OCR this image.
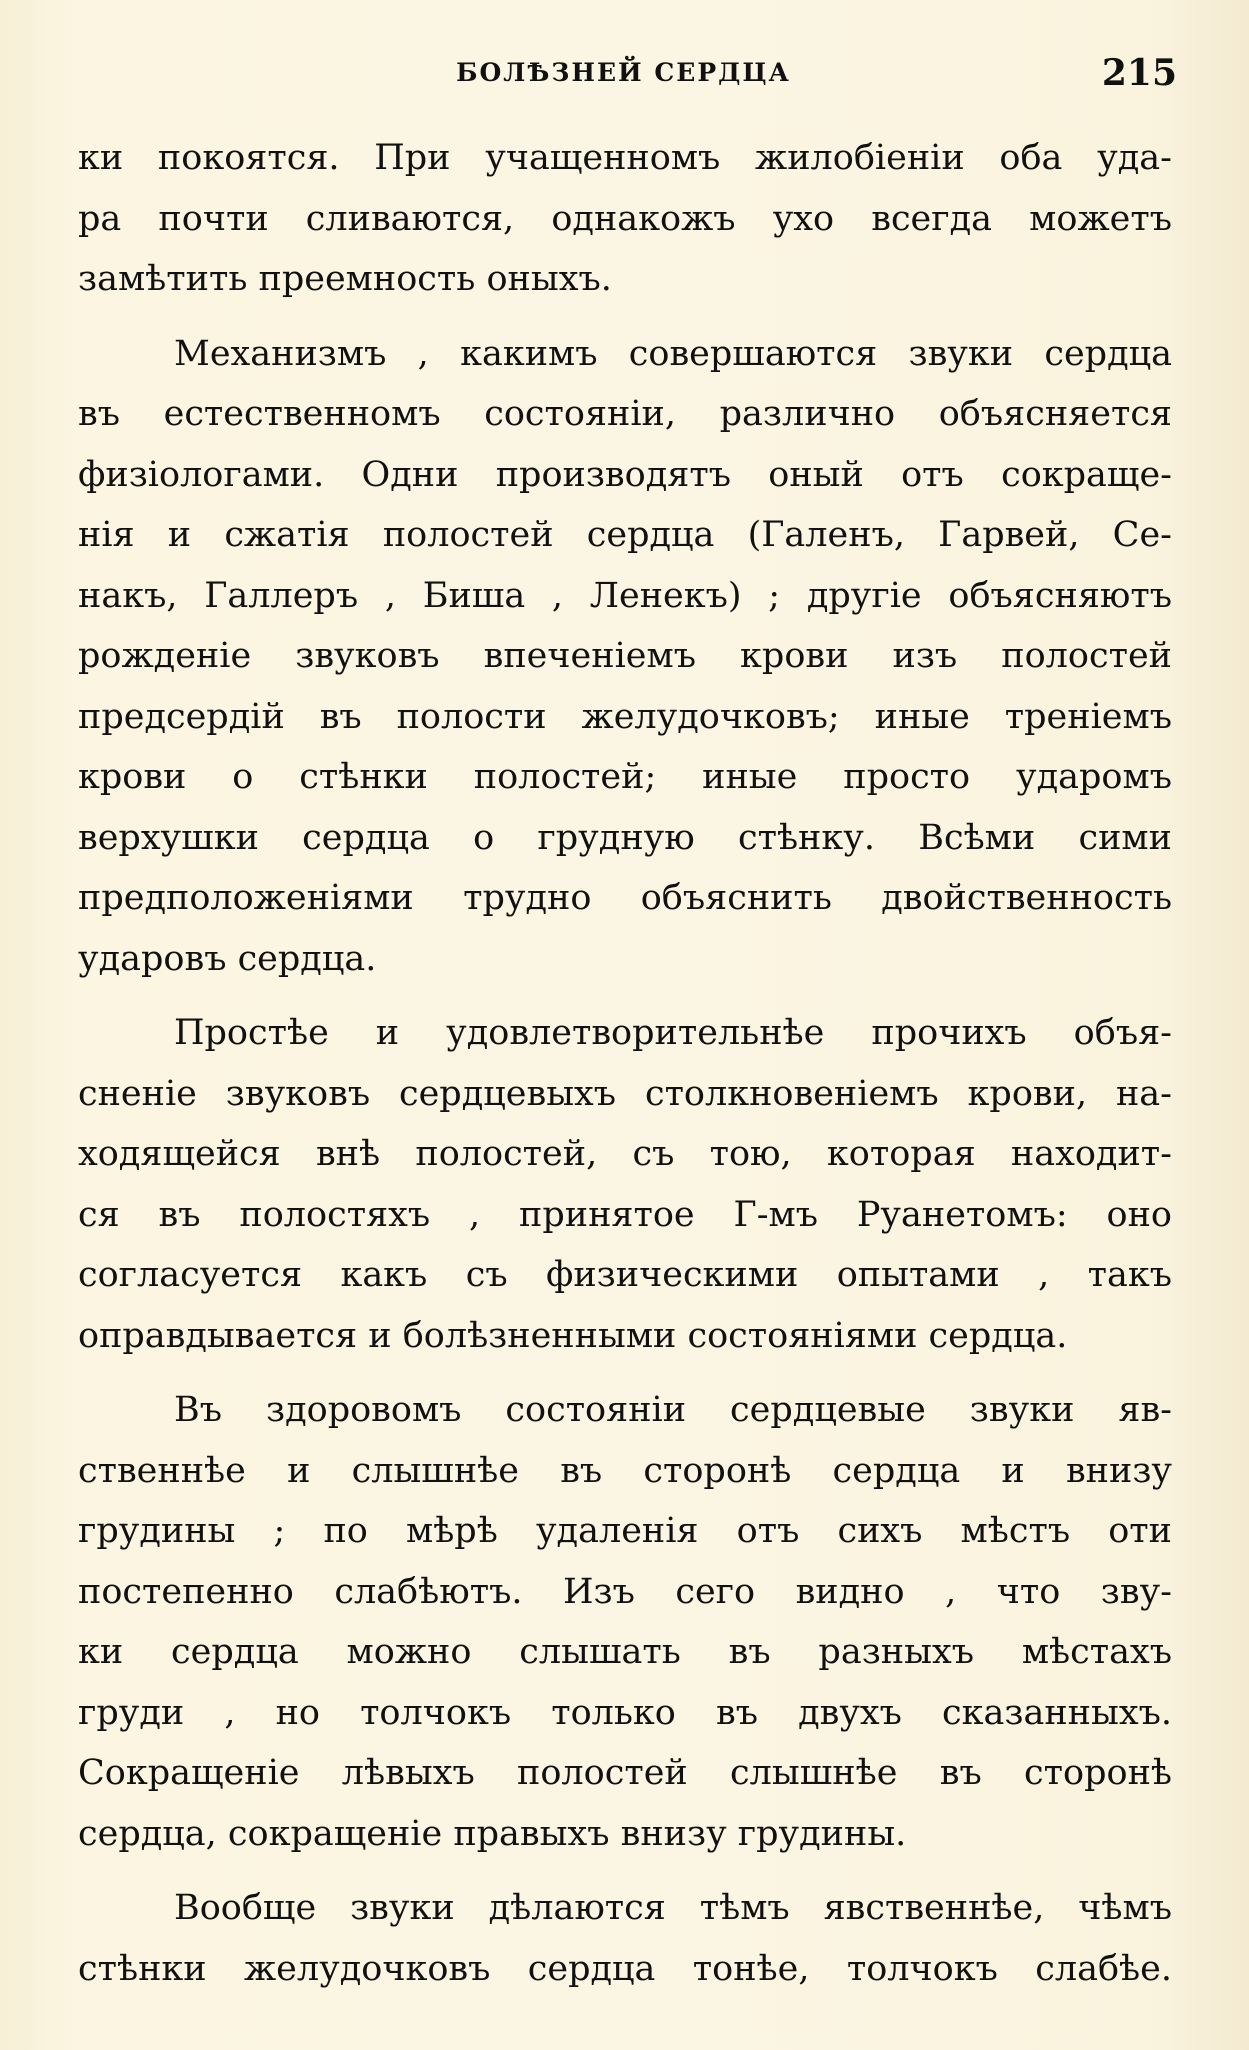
БОЛѢЗНЕЙ СЕРДЦА	215

ки покоятся. При учащенномъ жилобіеніи оба уда-
ра почти сливаются, однакожъ ухо всегда можетъ
замѣтить преемность оныхъ.

Механизмъ , какимъ совершаются звуки сердца
въ естественномъ состояніи, различно объясняется
физіологами. Одни производятъ оный отъ сокраще-
нія и сжатія полостей сердца (Галенъ, Гарвей, Се-
накъ, Галлеръ , Биша , Ленекъ) ; другіе объясняютъ
рожденіе звуковъ впеченіемъ крови изъ полостей
предсердій въ полости желудочковъ; иные треніемъ
крови о стѣнки полостей; иные просто ударомъ
верхушки сердца о грудную стѣнку. Всѣми сими
предположеніями трудно объяснить двойственность
ударовъ сердца.

Простѣе и удовлетворительнѣе прочихъ объя-
сненіе звуковъ сердцевыхъ столкновеніемъ крови, на-
ходящейся внѣ полостей, съ тою, которая находит-
ся въ полостяхъ , принятое Г-мъ Руанетомъ: оно
согласуется какъ съ физическими опытами , такъ
оправдывается и болѣзненными состояніями сердца.

Въ здоровомъ состояніи сердцевые звуки яв-
ственнѣе и слышнѣе въ сторонѣ сердца и внизу
грудины ; по мѣрѣ удаленія отъ сихъ мѣстъ оти
постепенно слабѣютъ. Изъ сего видно , что зву-
ки сердца можно слышать въ разныхъ мѣстахъ
груди , но толчокъ только въ двухъ сказанныхъ.
Сокращеніе лѣвыхъ полостей слышнѣе въ сторонѣ
сердца, сокращеніе правыхъ внизу грудины.

Вообще звуки дѣлаются тѣмъ явственнѣе, чѣмъ
стѣнки желудочковъ сердца тонѣе, толчокъ слабѣе.
